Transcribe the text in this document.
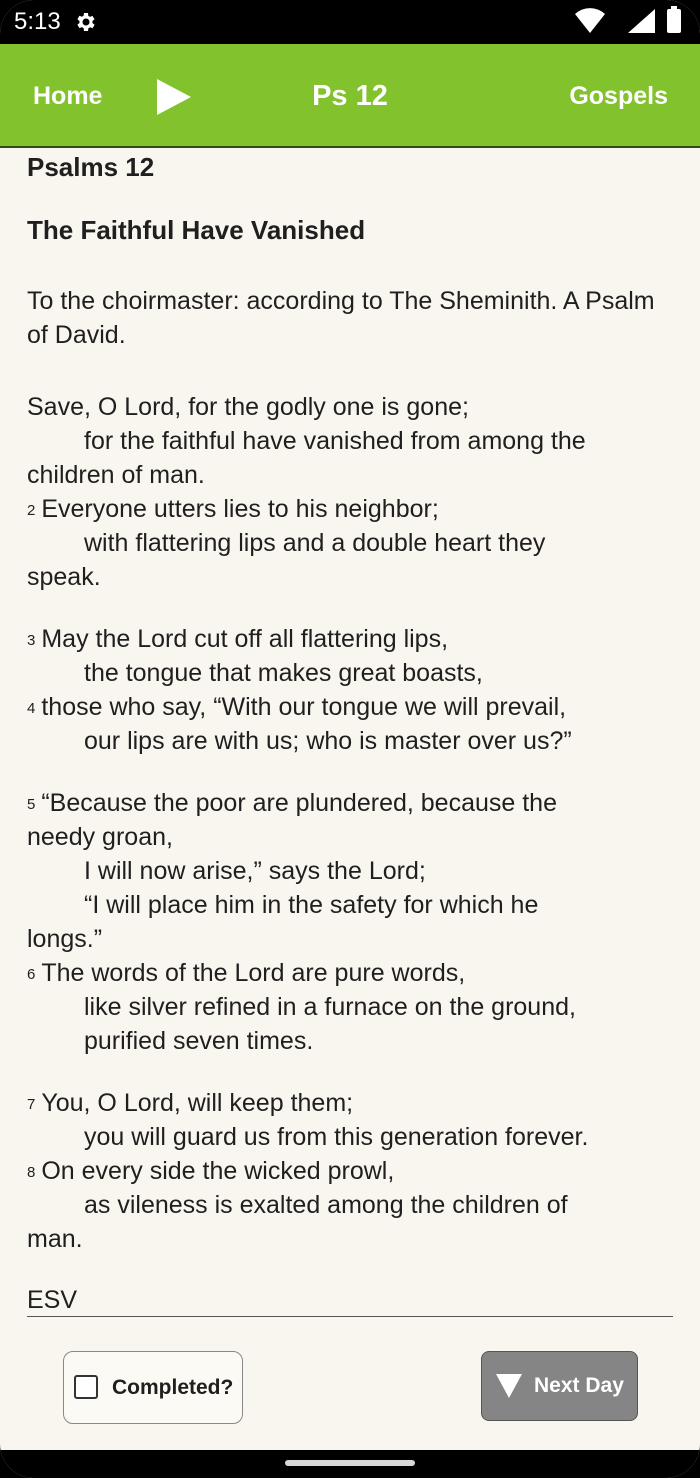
5:13
Home	Ps 12	Gospels
Psalms 12
The Faithful Have Vanished
To the choirmaster: according to The Sheminith. A Psalm of David.
Save, O Lord, for the godly one is gone;
for the faithful have vanished from among the
children of man.
$^2$ Everyone utters lies to his neighbor;
with flattering lips and a double heart they
speak.
$^3$ May the Lord cut off all flattering lips,
the tongue that makes great boasts,
$^4$ those who say, “With our tongue we will prevail,
our lips are with us; who is master over us?”
$^5$ “Because the poor are plundered, because the
needy groan,
I will now arise,” says the Lord;
“I will place him in the safety for which he
longs.”
$^6$ The words of the Lord are pure words,
like silver refined in a furnace on the ground,
purified seven times.
$^7$ You, O Lord, will keep them;
you will guard us from this generation forever.
$^8$ On every side the wicked prowl,
as vileness is exalted among the children of
man.
ESV
Completed?	Next Day
